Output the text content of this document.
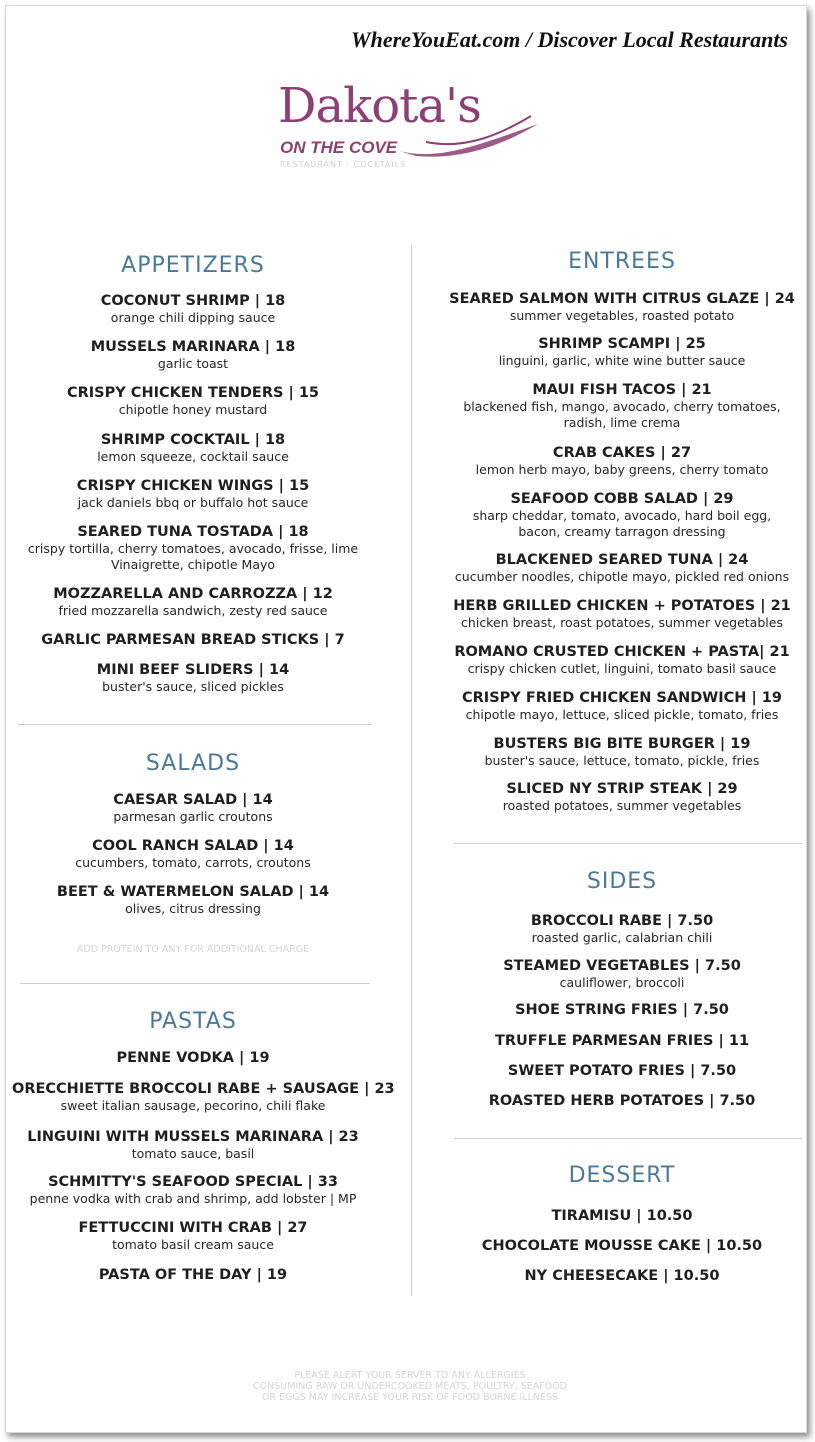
WhereYouEat.com / Discover Local Restaurants
Dakota's
ON THE COVE
RESTAURANT · COCKTAILS
APPETIZERS
COCONUT SHRIMP | 18
orange chili dipping sauce
MUSSELS MARINARA | 18
garlic toast
CRISPY CHICKEN TENDERS | 15
chipotle honey mustard
SHRIMP COCKTAIL | 18
lemon squeeze, cocktail sauce
CRISPY CHICKEN WINGS | 15
jack daniels bbq or buffalo hot sauce
SEARED TUNA TOSTADA | 18
crispy tortilla, cherry tomatoes, avocado, frisse, lime
Vinaigrette, chipotle Mayo
MOZZARELLA AND CARROZZA | 12
fried mozzarella sandwich, zesty red sauce
GARLIC PARMESAN BREAD STICKS | 7
MINI BEEF SLIDERS | 14
buster's sauce, sliced pickles
SALADS
CAESAR SALAD | 14
parmesan garlic croutons
COOL RANCH SALAD | 14
cucumbers, tomato, carrots, croutons
BEET & WATERMELON SALAD | 14
olives, citrus dressing
ADD PROTEIN TO ANY FOR ADDITIONAL CHARGE
PASTAS
PENNE VODKA | 19
ORECCHIETTE BROCCOLI RABE + SAUSAGE | 23
sweet italian sausage, pecorino, chili flake
LINGUINI WITH MUSSELS MARINARA | 23
tomato sauce, basil
SCHMITTY'S SEAFOOD SPECIAL | 33
penne vodka with crab and shrimp, add lobster | MP
FETTUCCINI WITH CRAB | 27
tomato basil cream sauce
PASTA OF THE DAY | 19
ENTREES
SEARED SALMON WITH CITRUS GLAZE | 24
summer vegetables, roasted potato
SHRIMP SCAMPI | 25
linguini, garlic, white wine butter sauce
MAUI FISH TACOS | 21
blackened fish, mango, avocado, cherry tomatoes,
radish, lime crema
CRAB CAKES | 27
lemon herb mayo, baby greens, cherry tomato
SEAFOOD COBB SALAD | 29
sharp cheddar, tomato, avocado, hard boil egg,
bacon, creamy tarragon dressing
BLACKENED SEARED TUNA | 24
cucumber noodles, chipotle mayo, pickled red onions
HERB GRILLED CHICKEN + POTATOES | 21
chicken breast, roast potatoes, summer vegetables
ROMANO CRUSTED CHICKEN + PASTA| 21
crispy chicken cutlet, linguini, tomato basil sauce
CRISPY FRIED CHICKEN SANDWICH | 19
chipotle mayo, lettuce, sliced pickle, tomato, fries
BUSTERS BIG BITE BURGER | 19
buster's sauce, lettuce, tomato, pickle, fries
SLICED NY STRIP STEAK | 29
roasted potatoes, summer vegetables
SIDES
BROCCOLI RABE | 7.50
roasted garlic, calabrian chili
STEAMED VEGETABLES | 7.50
cauliflower, broccoli
SHOE STRING FRIES | 7.50
TRUFFLE PARMESAN FRIES | 11
SWEET POTATO FRIES | 7.50
ROASTED HERB POTATOES | 7.50
DESSERT
TIRAMISU | 10.50
CHOCOLATE MOUSSE CAKE | 10.50
NY CHEESECAKE | 10.50
PLEASE ALERT YOUR SERVER TO ANY ALLERGIES
CONSUMING RAW OR UNDERCOOKED MEATS, POULTRY, SEAFOOD
OR EGGS MAY INCREASE YOUR RISK OF FOOD BORNE ILLNESS
